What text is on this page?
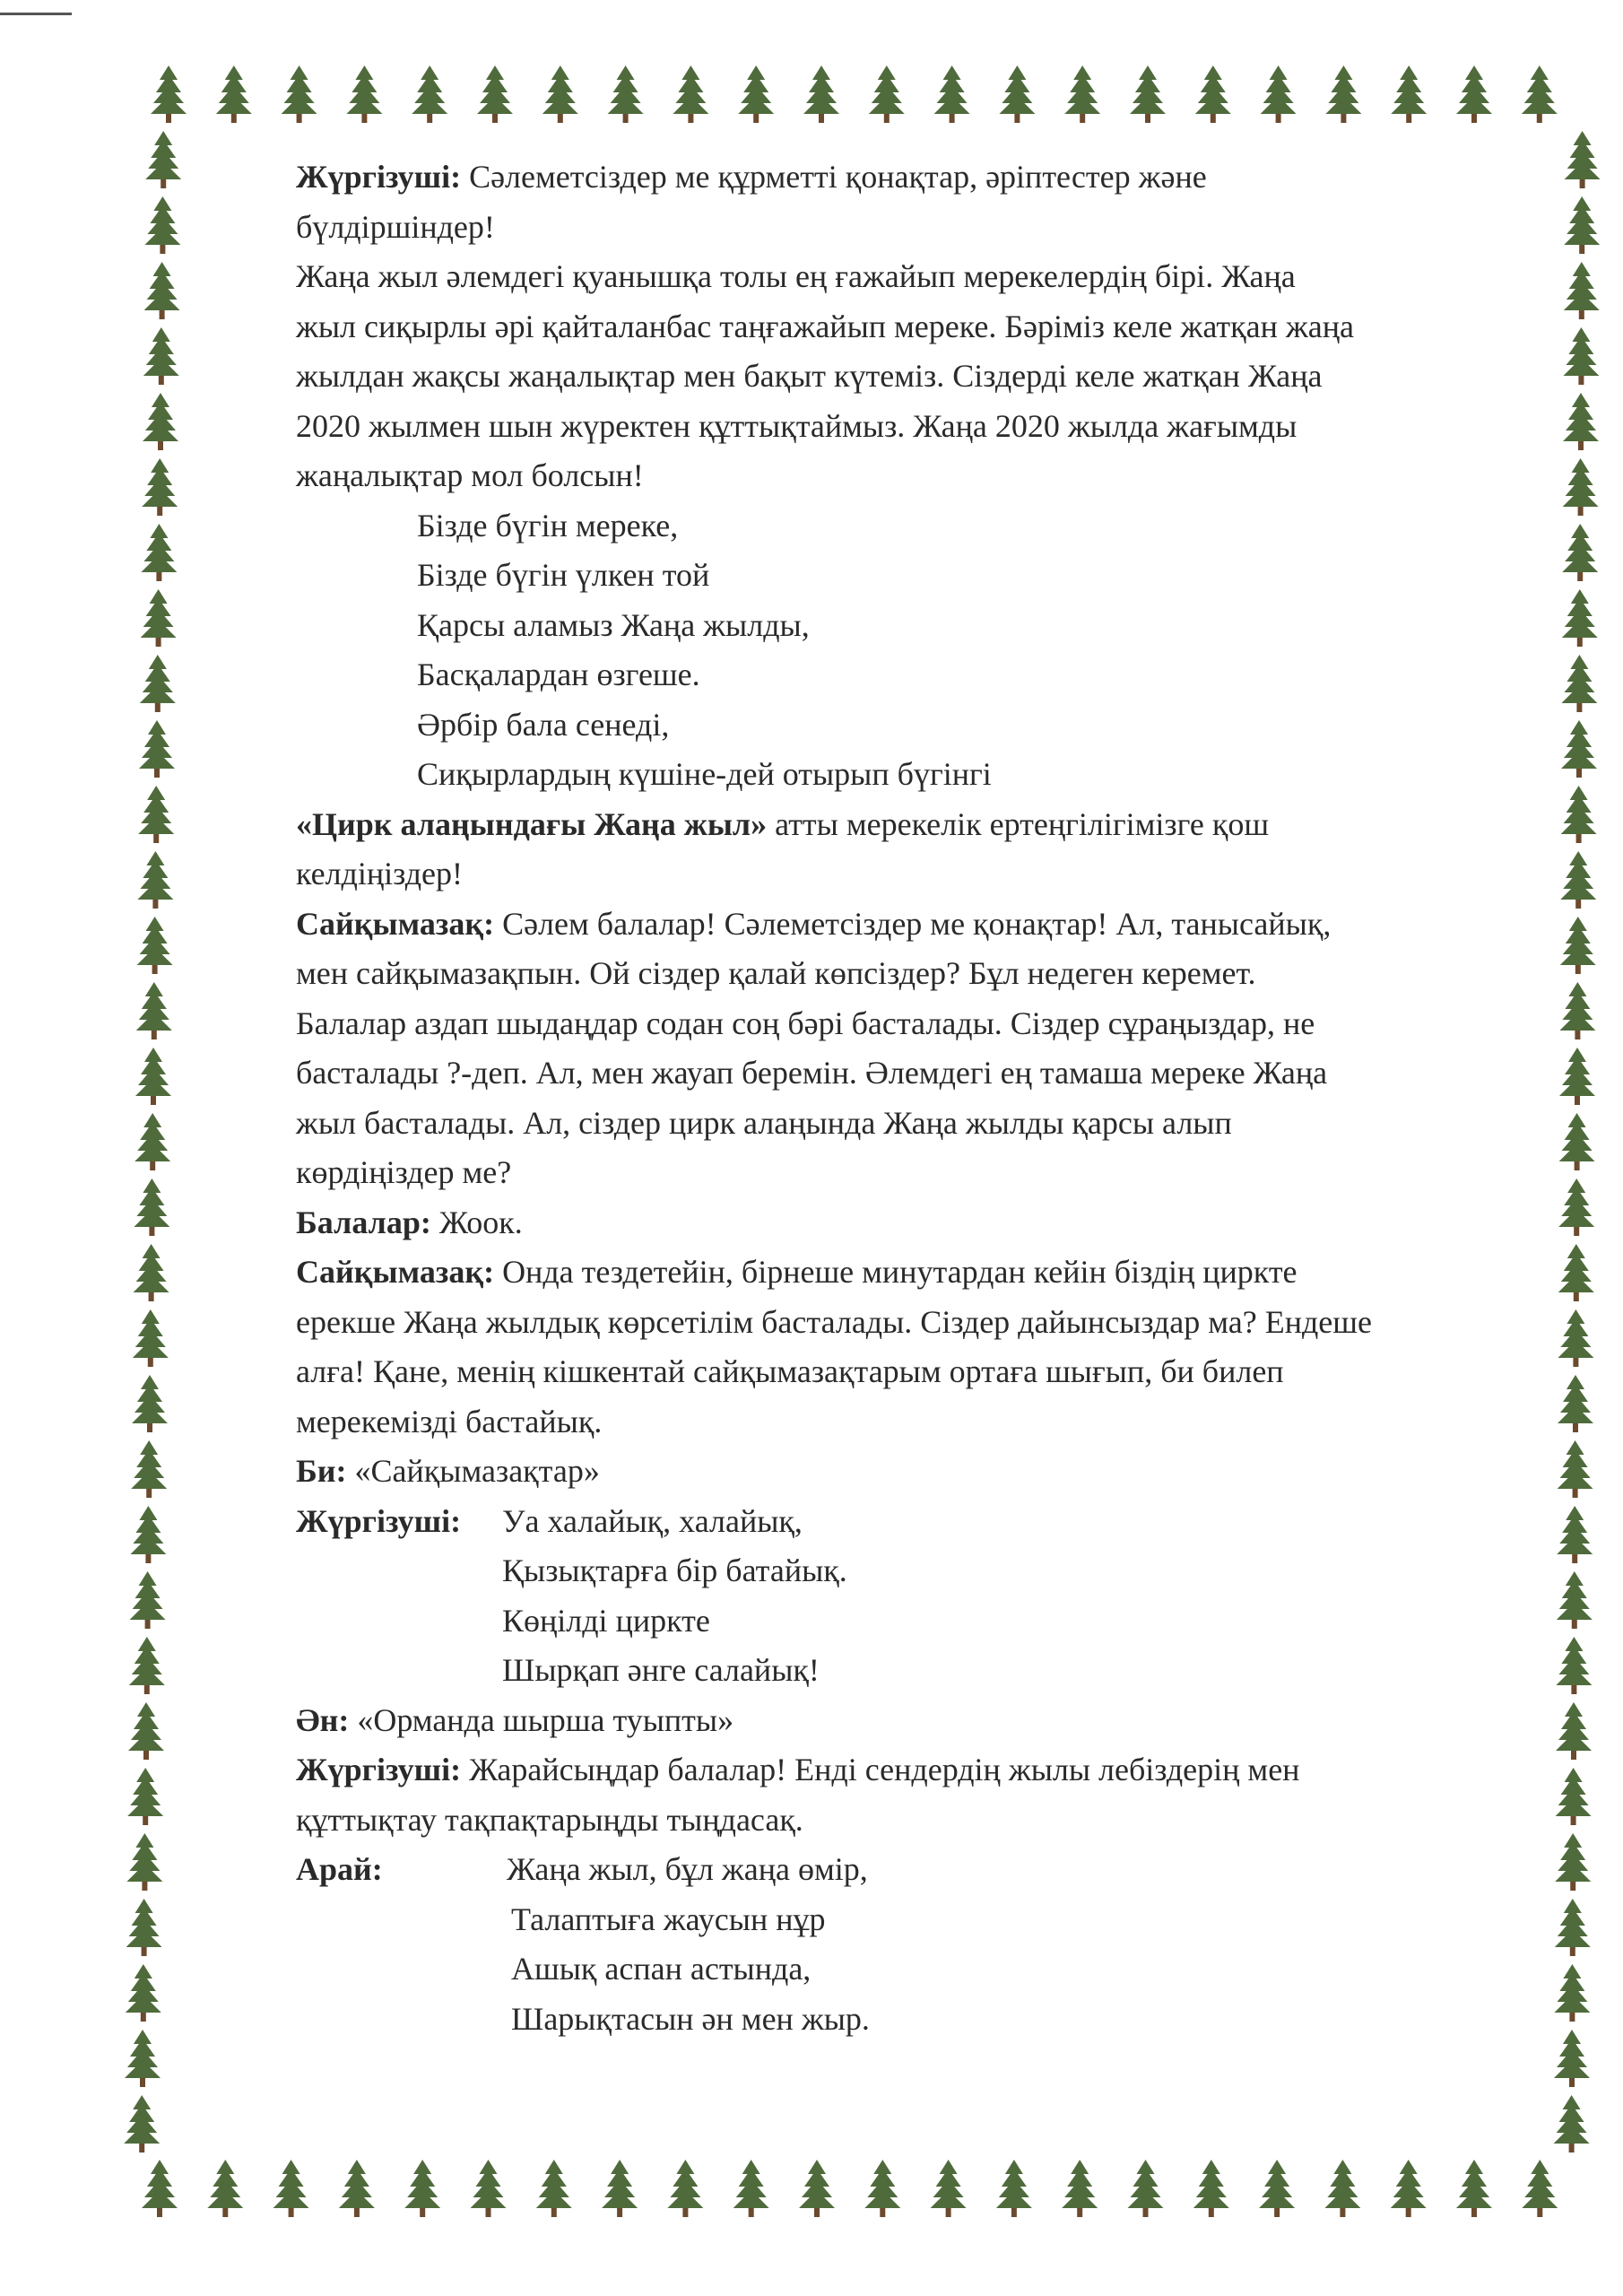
Жүргізуші: Сәлеметсіздер ме құрметті қонақтар, әріптестер және

бүлдіршіндер!

Жаңа жыл әлемдегі қуанышқа толы ең ғажайып мерекелердің бірі. Жаңа

жыл сиқырлы әрі қайталанбас таңғажайып мереке. Бәріміз келе жатқан жаңа

жылдан жақсы жаңалықтар мен бақыт күтеміз. Сіздерді келе жатқан Жаңа

2020 жылмен шын жүректен құттықтаймыз. Жаңа 2020 жылда жағымды

жаңалықтар мол болсын!

Бізде бүгін мереке,

Бізде бүгін үлкен той

Қарсы аламыз Жаңа жылды,

Басқалардан өзгеше.

Әрбір бала сенеді,

Сиқырлардың күшіне-дей отырып бүгінгі

«Цирк алаңындағы Жаңа жыл» атты мерекелік ертеңгілігімізге қош

келдіңіздер!

Сайқымазақ: Сәлем балалар! Сәлеметсіздер ме қонақтар! Ал, танысайық,

мен сайқымазақпын. Ой сіздер қалай көпсіздер? Бұл недеген керемет.

Балалар аздап шыдаңдар содан соң бәрі басталады. Сіздер сұраңыздар, не

басталады ?-деп. Ал, мен жауап беремін. Әлемдегі ең тамаша мереке Жаңа

жыл басталады. Ал, сіздер цирк алаңында Жаңа жылды қарсы алып

көрдіңіздер ме?

Балалар: Жоок.

Сайқымазақ: Онда тездетейін, бірнеше минутардан кейін біздің циркте

ерекше Жаңа жылдық көрсетілім басталады. Сіздер дайынсыздар ма? Ендеше

алға! Қане, менің кішкентай сайқымазақтарым ортаға шығып, би билеп

мерекемізді бастайық.

Би: «Сайқымазақтар»

Жүргізуші: Уа халайық, халайық,

Қызықтарға бір батайық.

Көңілді циркте

Шырқап әнге салайық!

Ән: «Орманда шырша туыпты»

Жүргізуші: Жарайсыңдар балалар! Енді сендердің жылы лебіздерің мен

құттықтау тақпақтарыңды тыңдасақ.

Арай:	Жаңа жыл, бұл жаңа өмір,

Талаптыға жаусын нұр

Ашық аспан астында,

Шарықтасын ән мен жыр.
